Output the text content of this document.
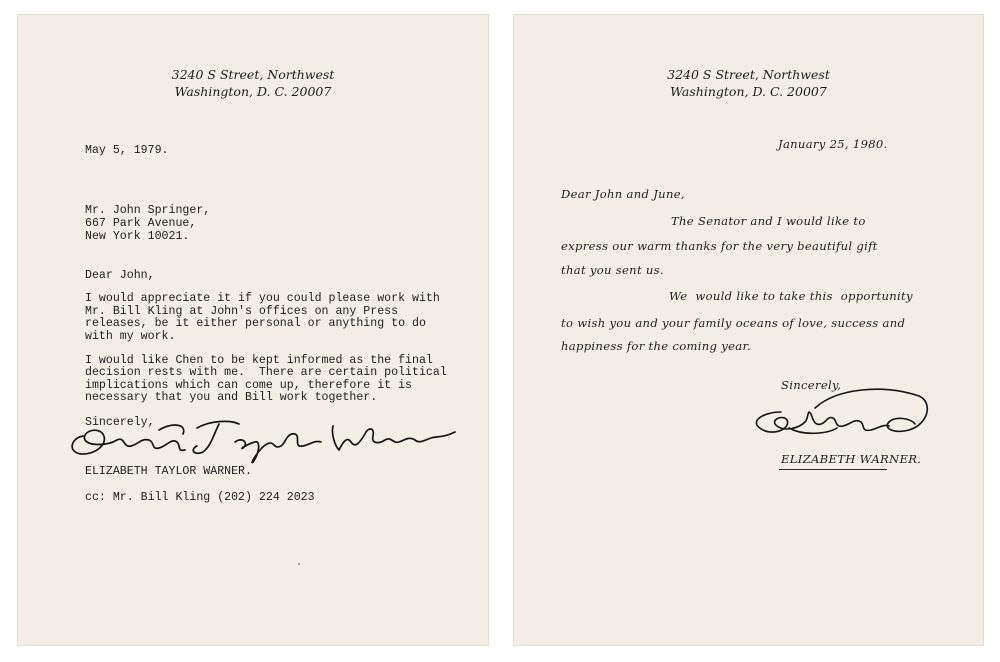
3240 S Street, Northwest
Washington, D. C. 20007
May 5, 1979.
Mr. John Springer,
667 Park Avenue,
New York 10021.
Dear John,
I would appreciate it if you could please work with
Mr. Bill Kling at John's offices on any Press
releases, be it either personal or anything to do
with my work.
I would like Chen to be kept informed as the final
decision rests with me.  There are certain political
implications which can come up, therefore it is
necessary that you and Bill work together.
Sincerely,
ELIZABETH TAYLOR WARNER.
cc: Mr. Bill Kling (202) 224 2023
3240 S Street, Northwest
Washington, D. C. 20007
January 25, 1980.
Dear John and June,
The Senator and I would like to
express our warm thanks for the very beautiful gift
that you sent us.
We  would like to take this  opportunity
to wish you and your family oceans of love, success and
happiness for the coming year.
Sincerely,
ELIZABETH WARNER.
